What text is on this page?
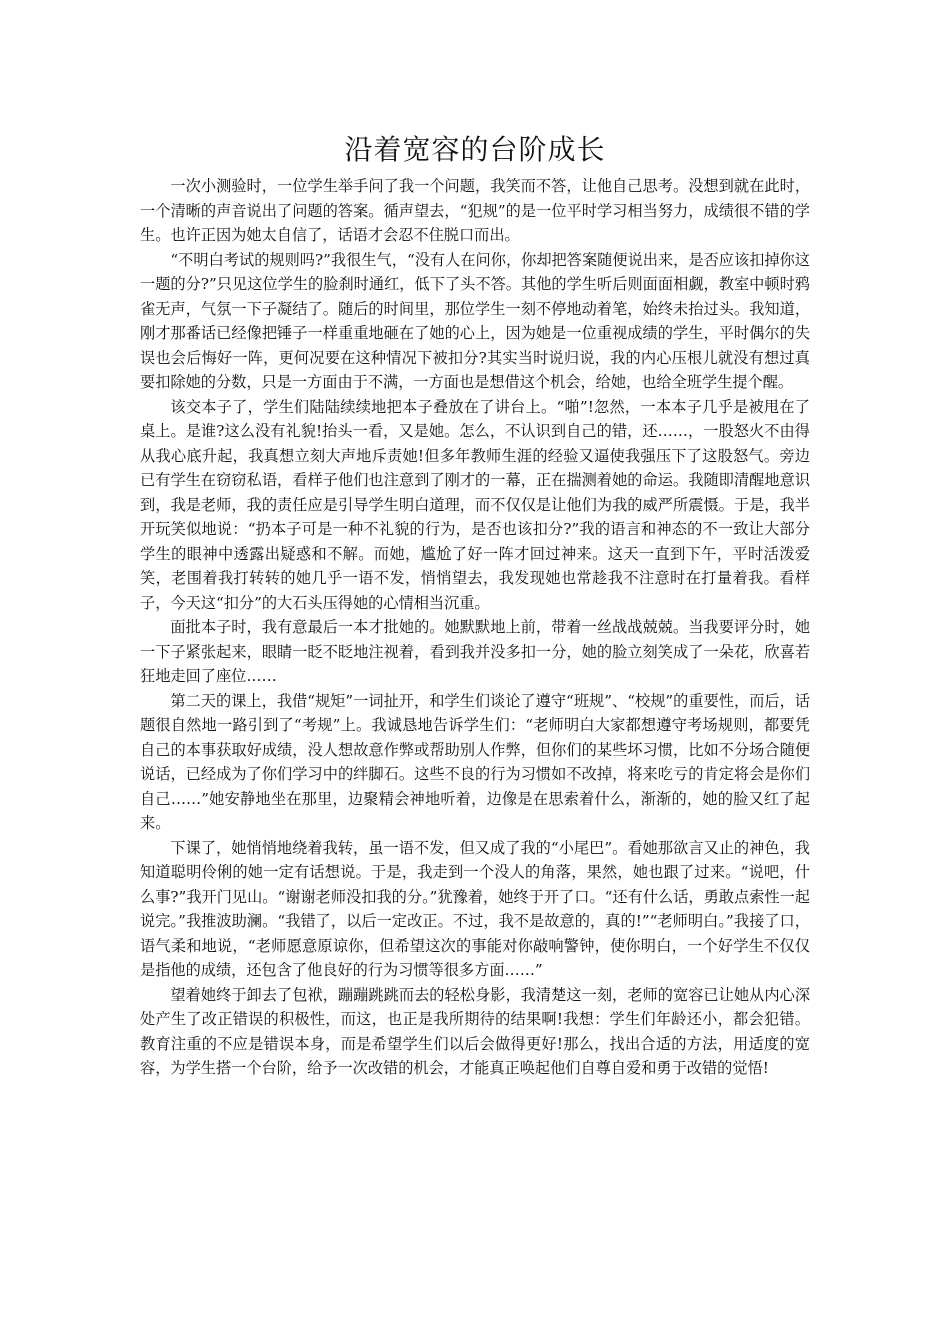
沿着宽容的台阶成长

一次小测验时，一位学生举手问了我一个问题，我笑而不答，让他自己思考。没想到就在此时，一个清晰的声音说出了问题的答案。循声望去，“犯规”的是一位平时学习相当努力，成绩很不错的学生。也许正因为她太自信了，话语才会忍不住脱口而出。

“不明白考试的规则吗?”我很生气，“没有人在问你，你却把答案随便说出来，是否应该扣掉你这一题的分?”只见这位学生的脸刹时通红，低下了头不答。其他的学生听后则面面相觑，教室中顿时鸦雀无声，气氛一下子凝结了。随后的时间里，那位学生一刻不停地动着笔，始终未抬过头。我知道，刚才那番话已经像把锤子一样重重地砸在了她的心上，因为她是一位重视成绩的学生，平时偶尔的失误也会后悔好一阵，更何况要在这种情况下被扣分?其实当时说归说，我的内心压根儿就没有想过真要扣除她的分数，只是一方面由于不满，一方面也是想借这个机会，给她，也给全班学生提个醒。

该交本子了，学生们陆陆续续地把本子叠放在了讲台上。“啪”!忽然，一本本子几乎是被甩在了桌上。是谁?这么没有礼貌!抬头一看，又是她。怎么，不认识到自己的错，还……，一股怒火不由得从我心底升起，我真想立刻大声地斥责她!但多年教师生涯的经验又逼使我强压下了这股怒气。旁边已有学生在窃窃私语，看样子他们也注意到了刚才的一幕，正在揣测着她的命运。我随即清醒地意识到，我是老师，我的责任应是引导学生明白道理，而不仅仅是让他们为我的威严所震慑。于是，我半开玩笑似地说：“扔本子可是一种不礼貌的行为，是否也该扣分?”我的语言和神态的不一致让大部分学生的眼神中透露出疑惑和不解。而她，尴尬了好一阵才回过神来。这天一直到下午，平时活泼爱笑，老围着我打转转的她几乎一语不发，悄悄望去，我发现她也常趁我不注意时在打量着我。看样子，今天这“扣分”的大石头压得她的心情相当沉重。

面批本子时，我有意最后一本才批她的。她默默地上前，带着一丝战战兢兢。当我要评分时，她一下子紧张起来，眼睛一眨不眨地注视着，看到我并没多扣一分，她的脸立刻笑成了一朵花，欣喜若狂地走回了座位……

第二天的课上，我借“规矩”一词扯开，和学生们谈论了遵守“班规”、“校规”的重要性，而后，话题很自然地一路引到了“考规”上。我诚恳地告诉学生们：“老师明白大家都想遵守考场规则，都要凭自己的本事获取好成绩，没人想故意作弊或帮助别人作弊，但你们的某些坏习惯，比如不分场合随便说话，已经成为了你们学习中的绊脚石。这些不良的行为习惯如不改掉，将来吃亏的肯定将会是你们自己……”她安静地坐在那里，边聚精会神地听着，边像是在思索着什么，渐渐的，她的脸又红了起来。

下课了，她悄悄地绕着我转，虽一语不发，但又成了我的“小尾巴”。看她那欲言又止的神色，我知道聪明伶俐的她一定有话想说。于是，我走到一个没人的角落，果然，她也跟了过来。“说吧，什么事?”我开门见山。“谢谢老师没扣我的分。”犹豫着，她终于开了口。“还有什么话，勇敢点索性一起说完。”我推波助澜。“我错了，以后一定改正。不过，我不是故意的，真的!”“老师明白。”我接了口，语气柔和地说，“老师愿意原谅你，但希望这次的事能对你敲响警钟，使你明白，一个好学生不仅仅是指他的成绩，还包含了他良好的行为习惯等很多方面……”

望着她终于卸去了包袱，蹦蹦跳跳而去的轻松身影，我清楚这一刻，老师的宽容已让她从内心深处产生了改正错误的积极性，而这，也正是我所期待的结果啊!我想：学生们年龄还小，都会犯错。教育注重的不应是错误本身，而是希望学生们以后会做得更好!那么，找出合适的方法，用适度的宽容，为学生搭一个台阶，给予一次改错的机会，才能真正唤起他们自尊自爱和勇于改错的觉悟!
